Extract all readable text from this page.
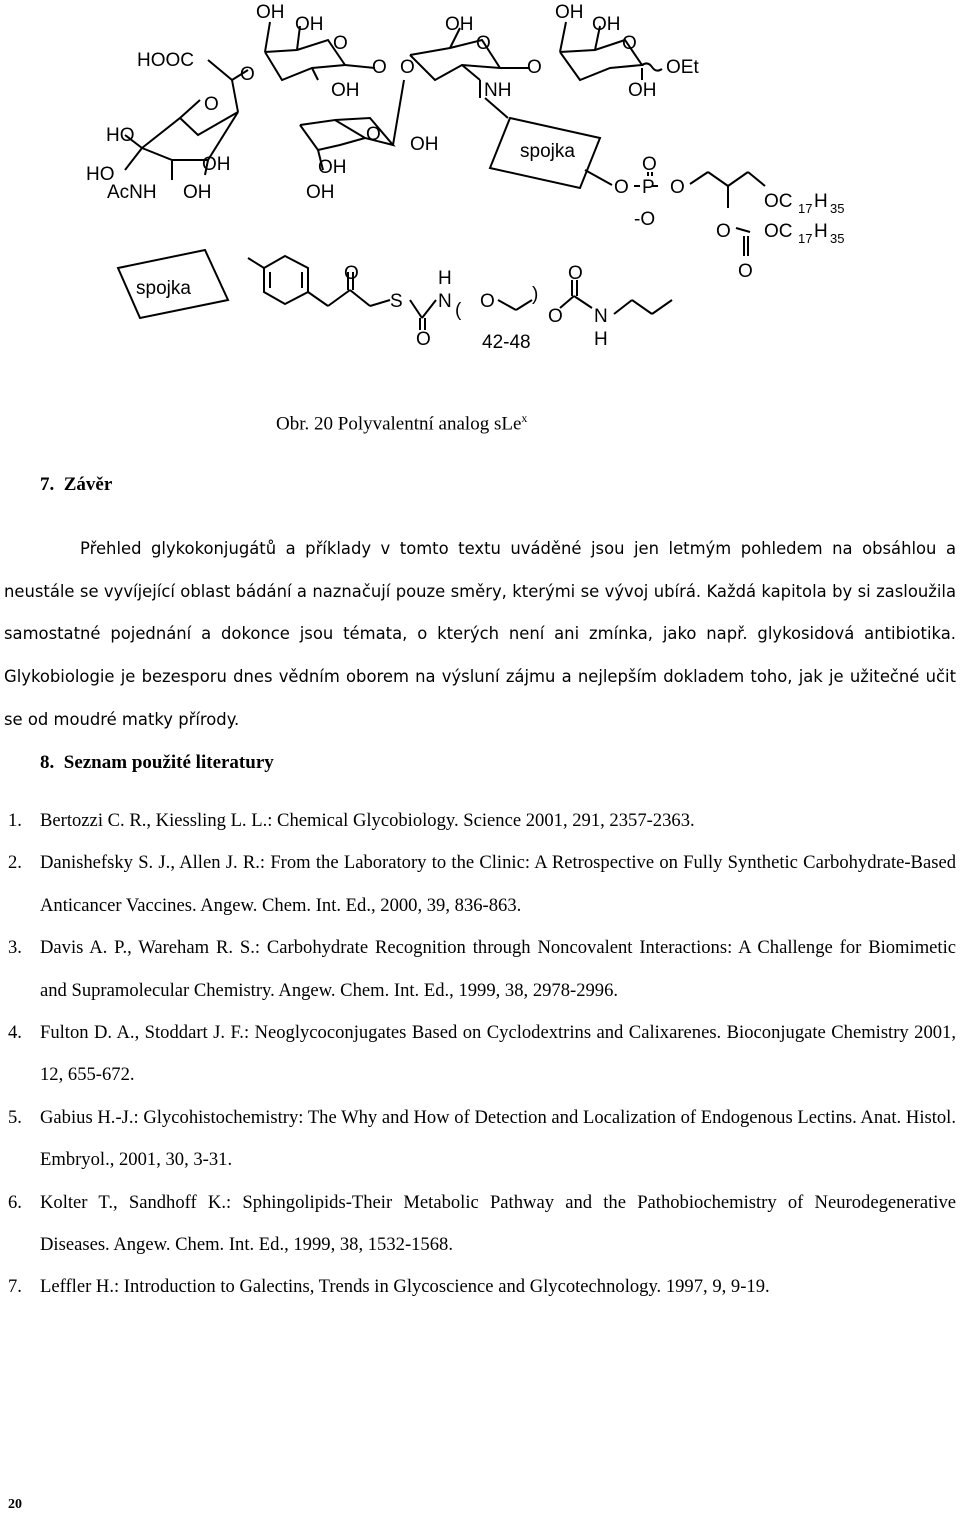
HOOC
O
O
HO
HO	OH
AcNH OH
OH
OH
O
OH
O
O OH
OH
OH
O
OH
O
NH
O
OH
OH
O
OH
OEt
spojka
O
O
P O
-O
OC 17 H 35
O OC 17 H 35
O
spojka
O
S
H
N ( O )
O	42-48
O
O N
H
Obr. 20 Polyvalentní analog sLe$^x$
7. Závěr
Přehled glykokonjugátů a příklady v tomto textu uváděné jsou jen letmým pohledem na obsáhlou a neustále se vyvíjející oblast bádání a naznačují pouze směry, kterými se vývoj ubírá. Každá kapitola by si zasloužila samostatné pojednání a dokonce jsou témata, o kterých není ani zmínka, jako např. glykosidová antibiotika. Glykobiologie je bezesporu dnes vědním oborem na výsluní zájmu a nejlepším dokladem toho, jak je užitečné učit se od moudré matky přírody.
8. Seznam použité literatury
1. Bertozzi C. R., Kiessling L. L.: Chemical Glycobiology. Science 2001, 291, 2357-2363.
2. Danishefsky S. J., Allen J. R.: From the Laboratory to the Clinic: A Retrospective on Fully Synthetic Carbohydrate-Based Anticancer Vaccines. Angew. Chem. Int. Ed., 2000, 39, 836-863.
3. Davis A. P., Wareham R. S.: Carbohydrate Recognition through Noncovalent Interactions: A Challenge for Biomimetic and Supramolecular Chemistry. Angew. Chem. Int. Ed., 1999, 38, 2978-2996.
4. Fulton D. A., Stoddart J. F.: Neoglycoconjugates Based on Cyclodextrins and Calixarenes. Bioconjugate Chemistry 2001, 12, 655-672.
5. Gabius H.-J.: Glycohistochemistry: The Why and How of Detection and Localization of Endogenous Lectins. Anat. Histol. Embryol., 2001, 30, 3-31.
6. Kolter T., Sandhoff K.: Sphingolipids-Their Metabolic Pathway and the Pathobiochemistry of Neurodegenerative Diseases. Angew. Chem. Int. Ed., 1999, 38, 1532-1568.
7. Leffler H.: Introduction to Galectins, Trends in Glycoscience and Glycotechnology. 1997, 9, 9-19.
20
